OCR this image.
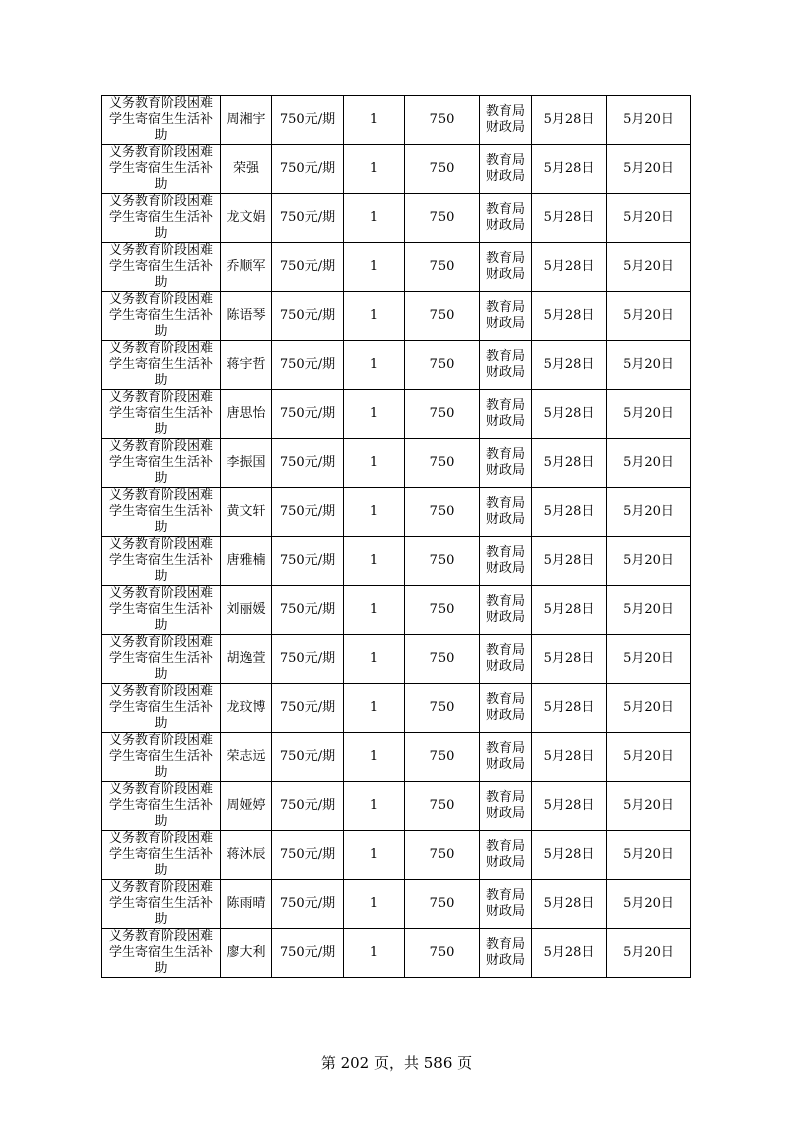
义务教育阶段困难学生寄宿生生活补助	周湘宇	750元/期	1	750	教育局财政局	5月28日	5月20日
义务教育阶段困难学生寄宿生生活补助	荣强	750元/期	1	750	教育局财政局	5月28日	5月20日
义务教育阶段困难学生寄宿生生活补助	龙文娟	750元/期	1	750	教育局财政局	5月28日	5月20日
义务教育阶段困难学生寄宿生生活补助	乔顺军	750元/期	1	750	教育局财政局	5月28日	5月20日
义务教育阶段困难学生寄宿生生活补助	陈语琴	750元/期	1	750	教育局财政局	5月28日	5月20日
义务教育阶段困难学生寄宿生生活补助	蒋宇哲	750元/期	1	750	教育局财政局	5月28日	5月20日
义务教育阶段困难学生寄宿生生活补助	唐思怡	750元/期	1	750	教育局财政局	5月28日	5月20日
义务教育阶段困难学生寄宿生生活补助	李振国	750元/期	1	750	教育局财政局	5月28日	5月20日
义务教育阶段困难学生寄宿生生活补助	黄文轩	750元/期	1	750	教育局财政局	5月28日	5月20日
义务教育阶段困难学生寄宿生生活补助	唐雅楠	750元/期	1	750	教育局财政局	5月28日	5月20日
义务教育阶段困难学生寄宿生生活补助	刘丽媛	750元/期	1	750	教育局财政局	5月28日	5月20日
义务教育阶段困难学生寄宿生生活补助	胡逸萱	750元/期	1	750	教育局财政局	5月28日	5月20日
义务教育阶段困难学生寄宿生生活补助	龙玟博	750元/期	1	750	教育局财政局	5月28日	5月20日
义务教育阶段困难学生寄宿生生活补助	荣志远	750元/期	1	750	教育局财政局	5月28日	5月20日
义务教育阶段困难学生寄宿生生活补助	周娅婷	750元/期	1	750	教育局财政局	5月28日	5月20日
义务教育阶段困难学生寄宿生生活补助	蒋沐辰	750元/期	1	750	教育局财政局	5月28日	5月20日
义务教育阶段困难学生寄宿生生活补助	陈雨晴	750元/期	1	750	教育局财政局	5月28日	5月20日
义务教育阶段困难学生寄宿生生活补助	廖大利	750元/期	1	750	教育局财政局	5月28日	5月20日
第 202 页，共 586 页
